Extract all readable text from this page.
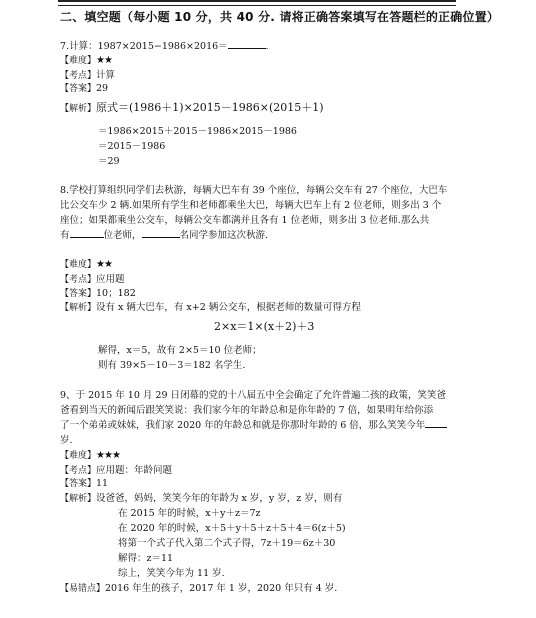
二、填空题（每小题 10 分，共 40 分. 请将正确答案填写在答题栏的正确位置）
7.计算：1987×2015−1986×2016＝	.
【难度】★★
【考点】计算
【答案】29
【解析】原式＝(1986＋1)×2015－1986×(2015＋1)
＝1986×2015＋2015－1986×2015－1986
＝2015－1986
＝29
8.学校打算组织同学们去秋游，每辆大巴车有 39 个座位，每辆公交车有 27 个座位，大巴车
比公交车少 2 辆.如果所有学生和老师都乘坐大巴，每辆大巴车上有 2 位老师，则多出 3 个
座位；如果都乘坐公交车，每辆公交车都满并且各有 1 位老师，则多出 3 位老师.那么共
有	位老师，	名同学参加这次秋游.
【难度】★★
【考点】应用题
【答案】10；182
【解析】设有 x 辆大巴车，有 x+2 辆公交车，根据老师的数量可得方程
2×x＝1×(x＋2)＋3
解得，x＝5，故有 2×5＝10 位老师；
则有 39×5－10－3＝182 名学生.
9、于 2015 年 10 月 29 日闭幕的党的十八届五中全会确定了允许普遍二孩的政策，笑笑爸
爸看到当天的新闻后跟笑笑说：我们家今年的年龄总和是你年龄的 7 倍，如果明年给你添
了一个弟弟或妹妹，我们家 2020 年的年龄总和就是你那时年龄的 6 倍，那么笑笑今年
岁.
【难度】★★★
【考点】应用题：年龄问题
【答案】11
【解析】设爸爸，妈妈，笑笑今年的年龄为 x 岁，y 岁，z 岁，则有
在 2015 年的时候，x＋y＋z＝7z
在 2020 年的时候，x＋5＋y＋5＋z＋5＋4＝6(z＋5)
将第一个式子代入第二个式子得，7z＋19＝6z＋30
解得：z＝11
综上，笑笑今年为 11 岁.
【易错点】2016 年生的孩子，2017 年 1 岁，2020 年只有 4 岁.
